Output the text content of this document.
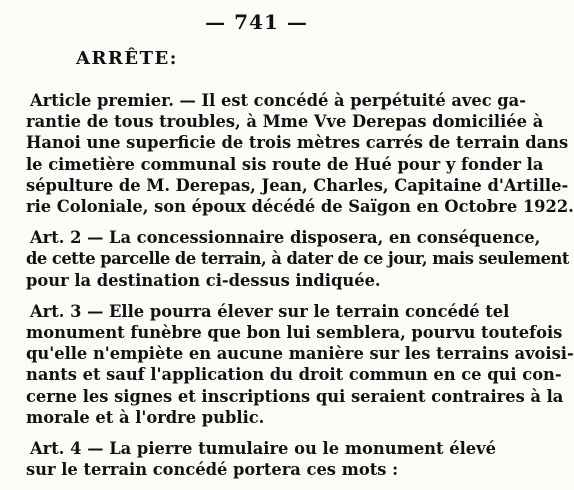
— 741 —
ARRÊTE:
Article premier. — Il est concédé à perpétuité avec ga-
rantie de tous troubles, à Mme Vve Derepas domiciliée à
Hanoi une superficie de trois mètres carrés de terrain dans
le cimetière communal sis route de Hué pour y fonder la
sépulture de M. Derepas, Jean, Charles, Capitaine d'Artille-
rie Coloniale, son époux décédé de Saïgon en Octobre 1922.
Art. 2 — La concessionnaire disposera, en conséquence,
de cette parcelle de terrain, à dater de ce jour, mais seulement
pour la destination ci-dessus indiquée.
Art. 3 — Elle pourra élever sur le terrain concédé tel
monument funèbre que bon lui semblera, pourvu toutefois
qu'elle n'empiète en aucune manière sur les terrains avoisi-
nants et sauf l'application du droit commun en ce qui con-
cerne les signes et inscriptions qui seraient contraires à la
morale et à l'ordre public.
Art. 4 — La pierre tumulaire ou le monument élevé
sur le terrain concédé portera ces mots :
